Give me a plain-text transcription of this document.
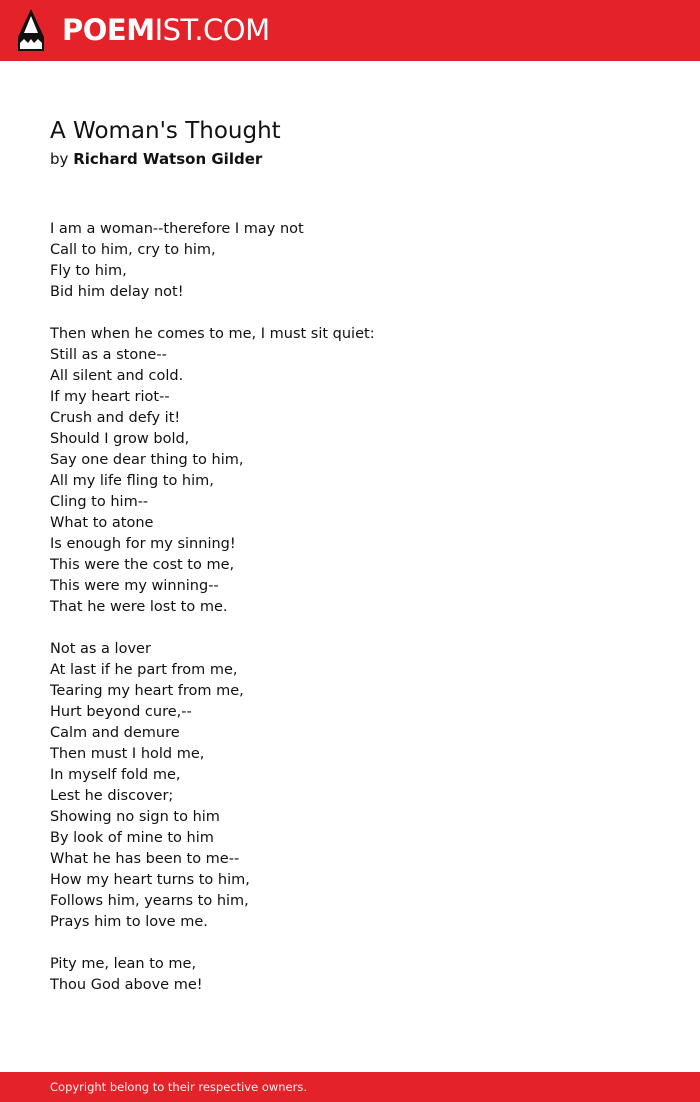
POEMIST.COM
A Woman's Thought
by Richard Watson Gilder
I am a woman--therefore I may not
Call to him, cry to him,
Fly to him,
Bid him delay not!
Then when he comes to me, I must sit quiet:
Still as a stone--
All silent and cold.
If my heart riot--
Crush and defy it!
Should I grow bold,
Say one dear thing to him,
All my life fling to him,
Cling to him--
What to atone
Is enough for my sinning!
This were the cost to me,
This were my winning--
That he were lost to me.
Not as a lover
At last if he part from me,
Tearing my heart from me,
Hurt beyond cure,--
Calm and demure
Then must I hold me,
In myself fold me,
Lest he discover;
Showing no sign to him
By look of mine to him
What he has been to me--
How my heart turns to him,
Follows him, yearns to him,
Prays him to love me.
Pity me, lean to me,
Thou God above me!
Copyright belong to their respective owners.
